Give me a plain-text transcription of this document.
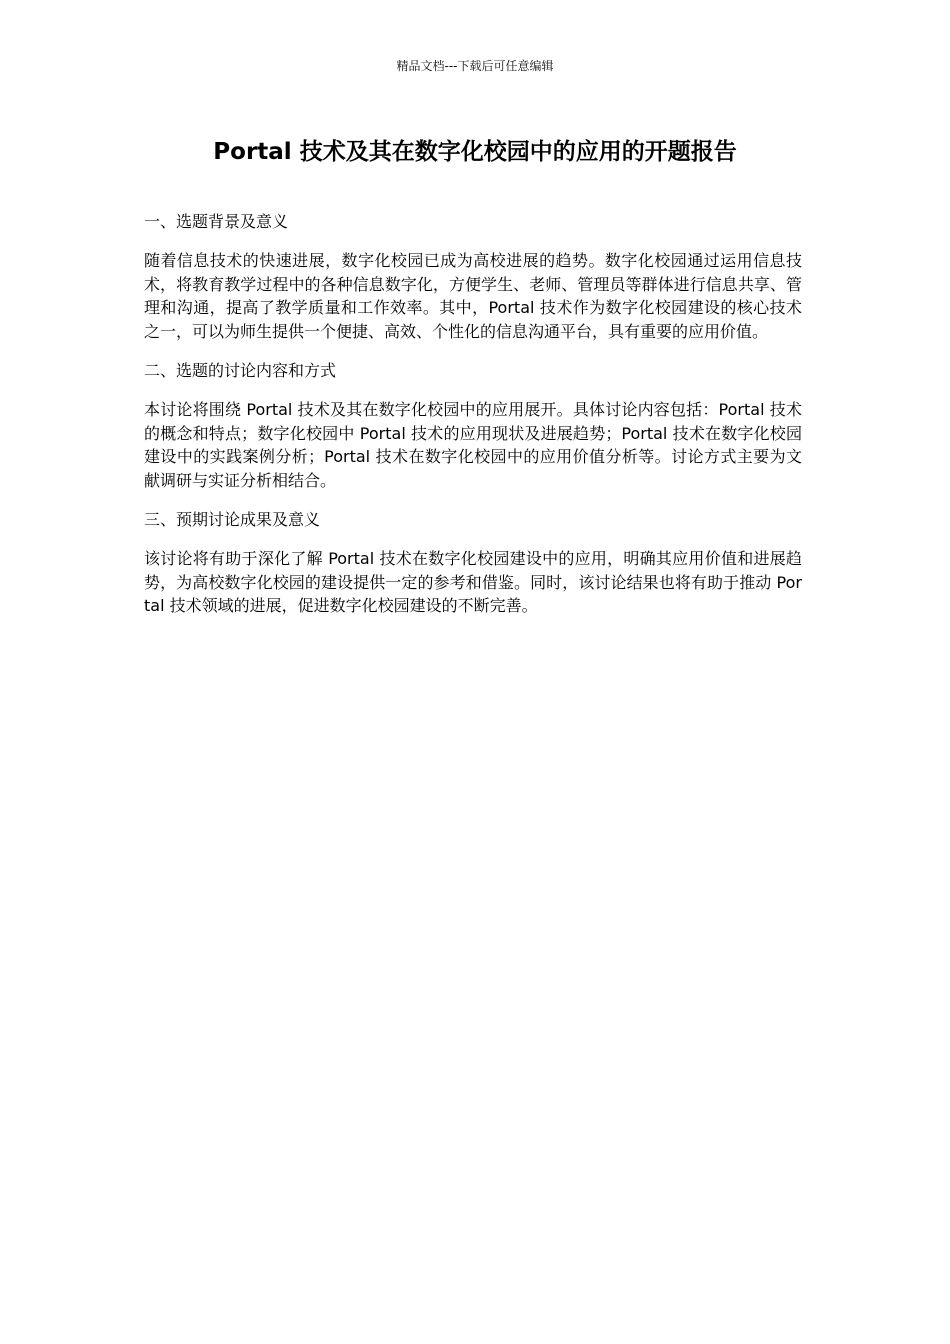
精品文档---下载后可任意编辑
Portal 技术及其在数字化校园中的应用的开题报告

一、选题背景及意义

随着信息技术的快速进展，数字化校园已成为高校进展的趋势。数字化校园通过运用信息技术，将教育教学过程中的各种信息数字化，方便学生、老师、管理员等群体进行信息共享、管理和沟通，提高了教学质量和工作效率。其中，Portal 技术作为数字化校园建设的核心技术之一，可以为师生提供一个便捷、高效、个性化的信息沟通平台，具有重要的应用价值。

二、选题的讨论内容和方式

本讨论将围绕 Portal 技术及其在数字化校园中的应用展开。具体讨论内容包括：Portal 技术的概念和特点；数字化校园中 Portal 技术的应用现状及进展趋势；Portal 技术在数字化校园建设中的实践案例分析；Portal 技术在数字化校园中的应用价值分析等。讨论方式主要为文献调研与实证分析相结合。

三、预期讨论成果及意义

该讨论将有助于深化了解 Portal 技术在数字化校园建设中的应用，明确其应用价值和进展趋势，为高校数字化校园的建设提供一定的参考和借鉴。同时，该讨论结果也将有助于推动 Portal 技术领域的进展，促进数字化校园建设的不断完善。
